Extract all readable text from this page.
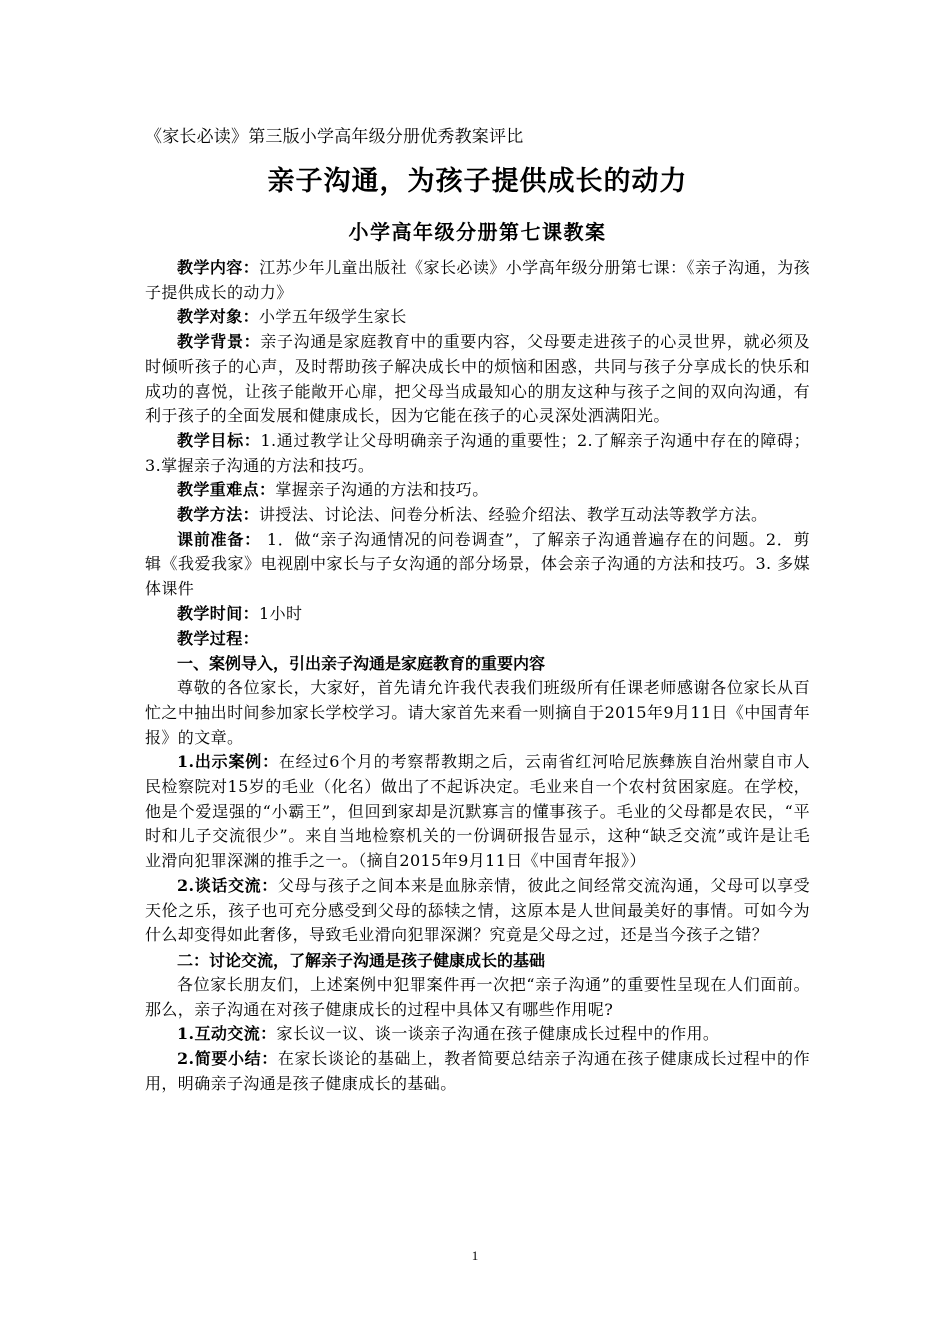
《家长必读》第三版小学高年级分册优秀教案评比
亲子沟通，为孩子提供成长的动力
小学高年级分册第七课教案

教学内容：江苏少年儿童出版社《家长必读》小学高年级分册第七课：《亲子沟通，为孩子提供成长的动力》

教学对象：小学五年级学生家长

教学背景：亲子沟通是家庭教育中的重要内容，父母要走进孩子的心灵世界，就必须及时倾听孩子的心声，及时帮助孩子解决成长中的烦恼和困惑，共同与孩子分享成长的快乐和成功的喜悦，让孩子能敞开心扉，把父母当成最知心的朋友这种与孩子之间的双向沟通，有利于孩子的全面发展和健康成长，因为它能在孩子的心灵深处洒满阳光。

教学目标：1.通过教学让父母明确亲子沟通的重要性；2.了解亲子沟通中存在的障碍；3.掌握亲子沟通的方法和技巧。

教学重难点：掌握亲子沟通的方法和技巧。

教学方法：讲授法、讨论法、问卷分析法、经验介绍法、教学互动法等教学方法。

课前准备： 1．做“亲子沟通情况的问卷调查”，了解亲子沟通普遍存在的问题。2．剪辑《我爱我家》电视剧中家长与子女沟通的部分场景，体会亲子沟通的方法和技巧。3. 多媒体课件

教学时间：1小时

教学过程：

一、案例导入，引出亲子沟通是家庭教育的重要内容

尊敬的各位家长，大家好，首先请允许我代表我们班级所有任课老师感谢各位家长从百忙之中抽出时间参加家长学校学习。请大家首先来看一则摘自于2015年9月11日《中国青年报》的文章。

1.出示案例：在经过6个月的考察帮教期之后，云南省红河哈尼族彝族自治州蒙自市人民检察院对15岁的毛业（化名）做出了不起诉决定。毛业来自一个农村贫困家庭。在学校，他是个爱逞强的“小霸王”，但回到家却是沉默寡言的懂事孩子。毛业的父母都是农民，“平时和儿子交流很少”。来自当地检察机关的一份调研报告显示，这种“缺乏交流”或许是让毛业滑向犯罪深渊的推手之一。（摘自2015年9月11日《中国青年报》）

2.谈话交流：父母与孩子之间本来是血脉亲情，彼此之间经常交流沟通，父母可以享受天伦之乐，孩子也可充分感受到父母的舔犊之情，这原本是人世间最美好的事情。可如今为什么却变得如此奢侈，导致毛业滑向犯罪深渊？究竟是父母之过，还是当今孩子之错？

二：讨论交流，了解亲子沟通是孩子健康成长的基础

各位家长朋友们，上述案例中犯罪案件再一次把“亲子沟通”的重要性呈现在人们面前。那么，亲子沟通在对孩子健康成长的过程中具体又有哪些作用呢?

1.互动交流：家长议一议、谈一谈亲子沟通在孩子健康成长过程中的作用。

2.简要小结：在家长谈论的基础上，教者简要总结亲子沟通在孩子健康成长过程中的作用，明确亲子沟通是孩子健康成长的基础。

1
